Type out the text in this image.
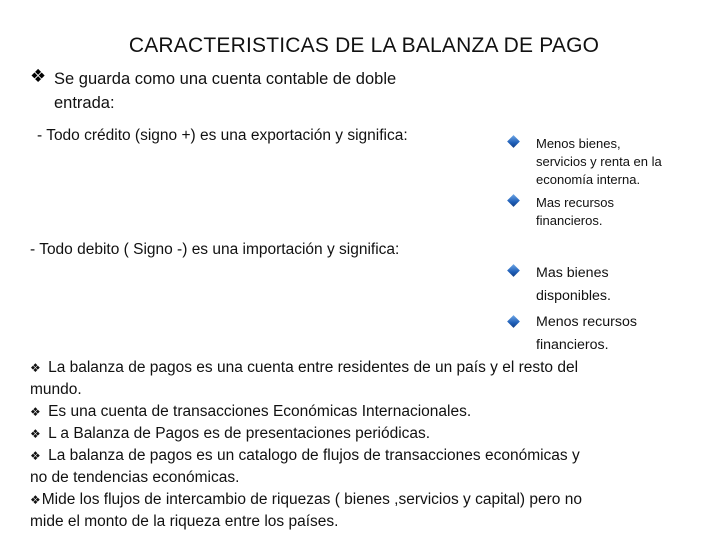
CARACTERISTICAS DE LA BALANZA DE PAGO
❖ Se guarda como una cuenta contable de doble
entrada:
- Todo crédito (signo +) es una exportación y significa:	Menos bienes,
servicios y renta en la
economía interna.
Mas recursos
financieros.
- Todo debito ( Signo -) es una importación y significa:
Mas bienes
disponibles.
Menos recursos
financieros.
❖ La balanza de pagos es una cuenta entre residentes de un país y el resto del
mundo.
❖ Es una cuenta de transacciones Económicas Internacionales.
❖ L a Balanza de Pagos es de presentaciones periódicas.
❖ La balanza de pagos es un catalogo de flujos de transacciones económicas y
no de tendencias económicas.
❖Mide los flujos de intercambio de riquezas ( bienes ,servicios y capital) pero no
mide el monto de la riqueza entre los países.
